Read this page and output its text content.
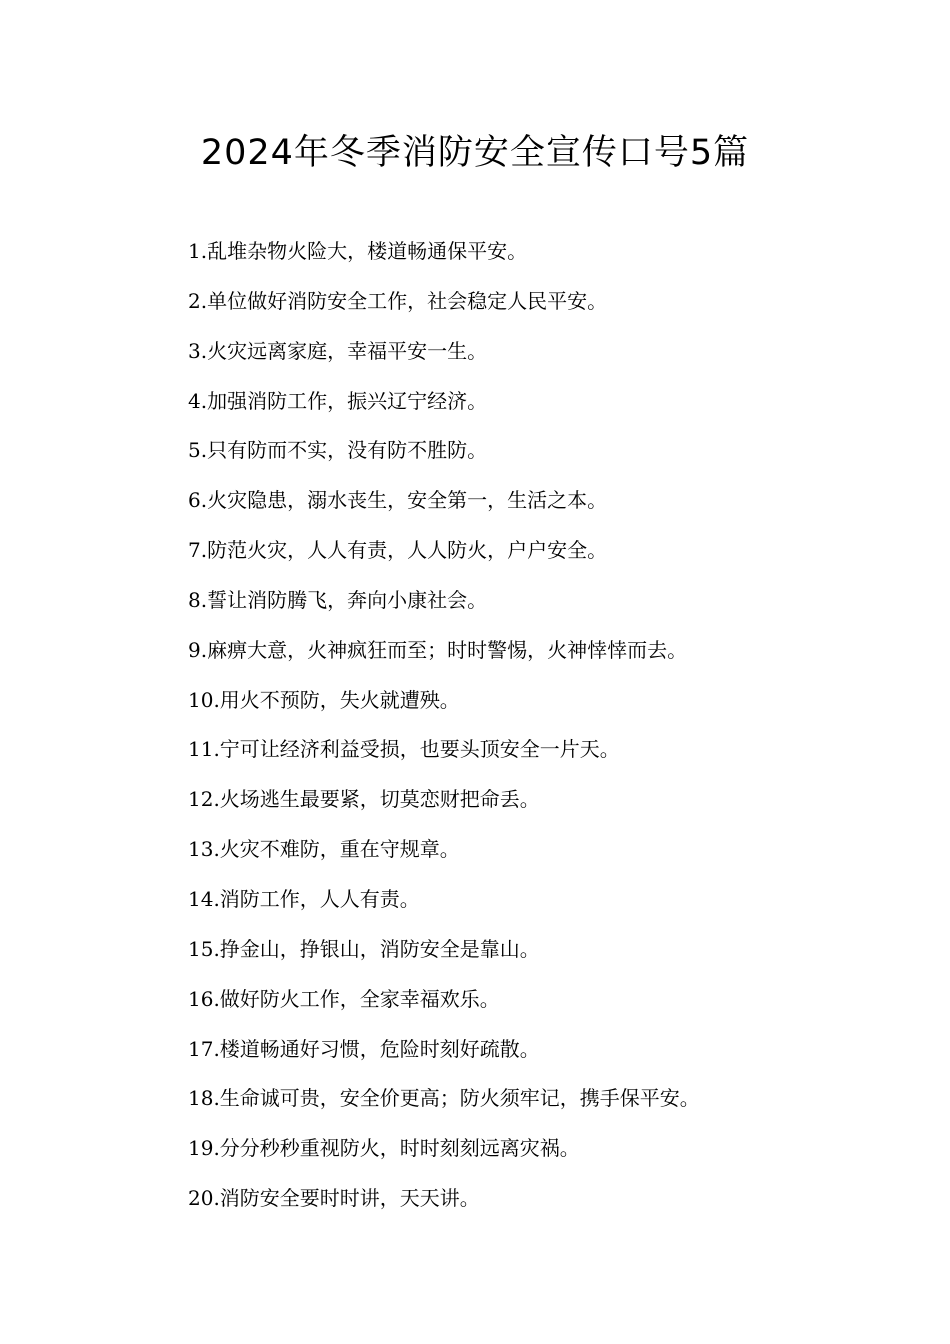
2024年冬季消防安全宣传口号5篇
1.乱堆杂物火险大，楼道畅通保平安。
2.单位做好消防安全工作，社会稳定人民平安。
3.火灾远离家庭，幸福平安一生。
4.加强消防工作，振兴辽宁经济。
5.只有防而不实，没有防不胜防。
6.火灾隐患，溺水丧生，安全第一，生活之本。
7.防范火灾，人人有责，人人防火，户户安全。
8.誓让消防腾飞，奔向小康社会。
9.麻痹大意，火神疯狂而至；时时警惕，火神悻悻而去。
10.用火不预防，失火就遭殃。
11.宁可让经济利益受损，也要头顶安全一片天。
12.火场逃生最要紧，切莫恋财把命丢。
13.火灾不难防，重在守规章。
14.消防工作，人人有责。
15.挣金山，挣银山，消防安全是靠山。
16.做好防火工作，全家幸福欢乐。
17.楼道畅通好习惯，危险时刻好疏散。
18.生命诚可贵，安全价更高；防火须牢记，携手保平安。
19.分分秒秒重视防火，时时刻刻远离灾祸。
20.消防安全要时时讲，天天讲。
